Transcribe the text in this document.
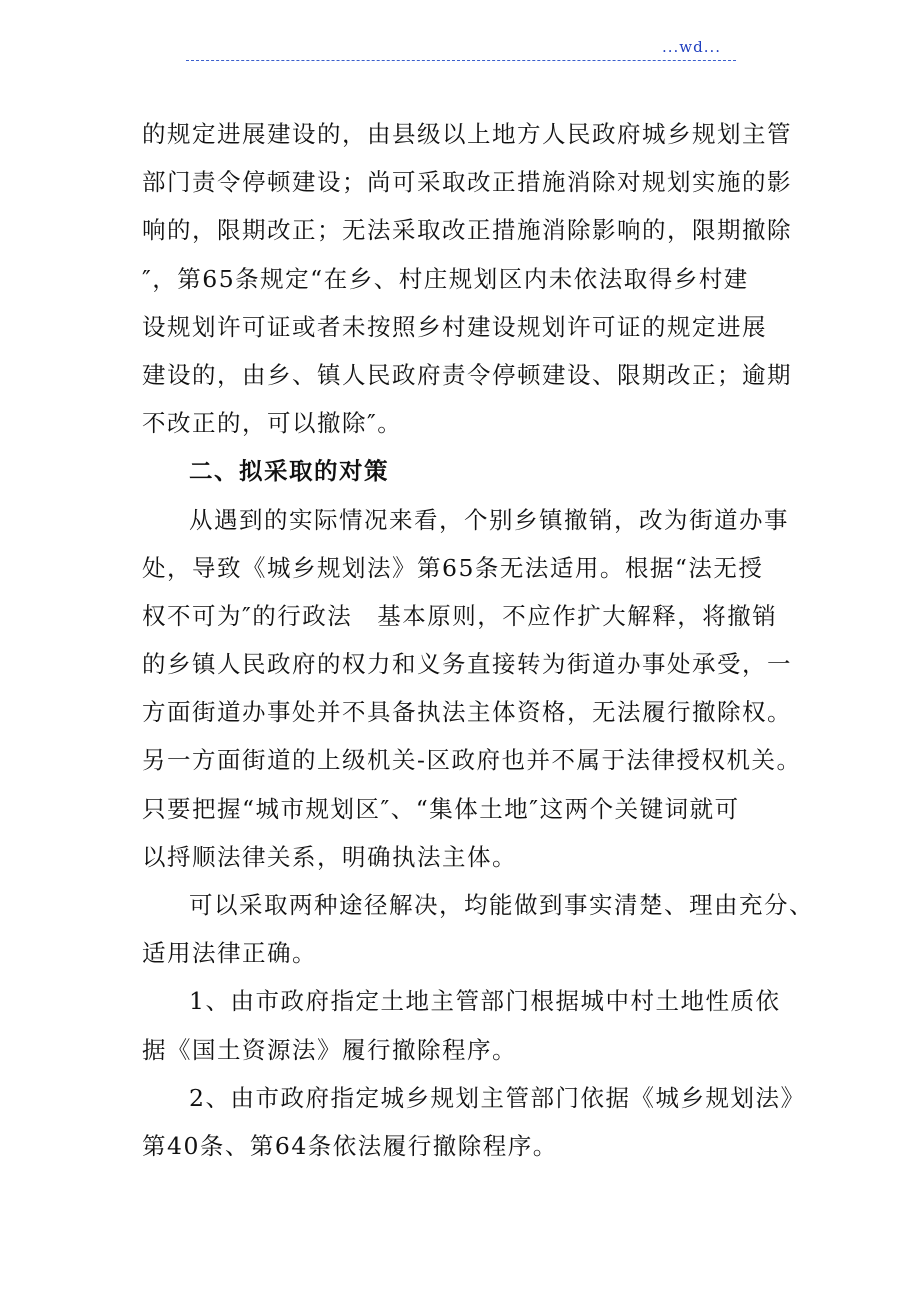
...wd...
的规定进展建设的，由县级以上地方人民政府城乡规划主管
部门责令停顿建设；尚可采取改正措施消除对规划实施的影
响的，限期改正；无法采取改正措施消除影响的，限期撤除
″，第65条规定“在乡、村庄规划区内未依法取得乡村建
设规划许可证或者未按照乡村建设规划许可证的规定进展
建设的，由乡、镇人民政府责令停顿建设、限期改正；逾期
不改正的，可以撤除″。
二、拟采取的对策
从遇到的实际情况来看，个别乡镇撤销，改为街道办事
处，导致《城乡规划法》第65条无法适用。根据“法无授
权不可为″的行政法　基本原则，不应作扩大解释，将撤销
的乡镇人民政府的权力和义务直接转为街道办事处承受，一
方面街道办事处并不具备执法主体资格，无法履行撤除权。
另一方面街道的上级机关-区政府也并不属于法律授权机关。
只要把握“城市规划区″、“集体土地″这两个关键词就可
以捋顺法律关系，明确执法主体。
可以采取两种途径解决，均能做到事实清楚、理由充分、
适用法律正确。
1、由市政府指定土地主管部门根据城中村土地性质依
据《国土资源法》履行撤除程序。
2、由市政府指定城乡规划主管部门依据《城乡规划法》
第40条、第64条依法履行撤除程序。
